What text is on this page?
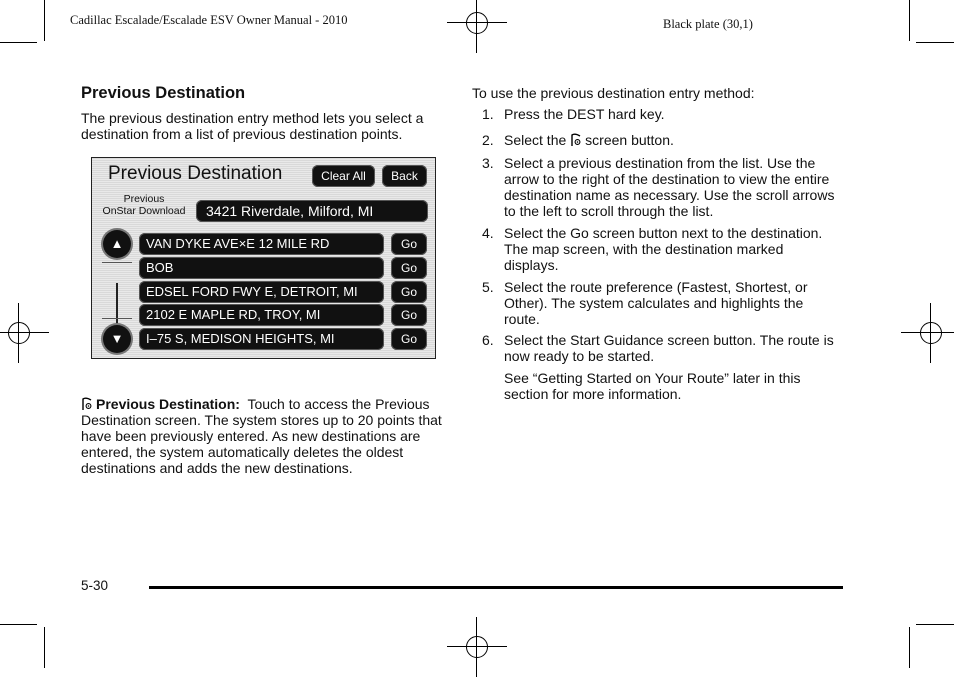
Cadillac Escalade/Escalade ESV Owner Manual - 2010	Black plate (30,1)
Previous Destination
The previous destination entry method lets you select a destination from a list of previous destination points.
Previous Destination	Clear All	Back
Previous
OnStar Download	3421 Riverdale, Milford, MI
▲
▼
VAN DYKE AVE×E 12 MILE RD	Go
BOB	Go
EDSEL FORD FWY E, DETROIT, MI	Go
2102 E MAPLE RD, TROY, MI	Go
I–75 S, MEDISON HEIGHTS, MI	Go
Previous Destination: Touch to access the Previous Destination screen. The system stores up to 20 points that have been previously entered. As new destinations are entered, the system automatically deletes the oldest destinations and adds the new destinations.
To use the previous destination entry method:
1. Press the DEST hard key.
2. Select the screen button.
3. Select a previous destination from the list. Use the arrow to the right of the destination to view the entire destination name as necessary. Use the scroll arrows to the left to scroll through the list.
4. Select the Go screen button next to the destination. The map screen, with the destination marked displays.
5. Select the route preference (Fastest, Shortest, or Other). The system calculates and highlights the route.
6. Select the Start Guidance screen button. The route is now ready to be started.
See “Getting Started on Your Route” later in this section for more information.
5-30
